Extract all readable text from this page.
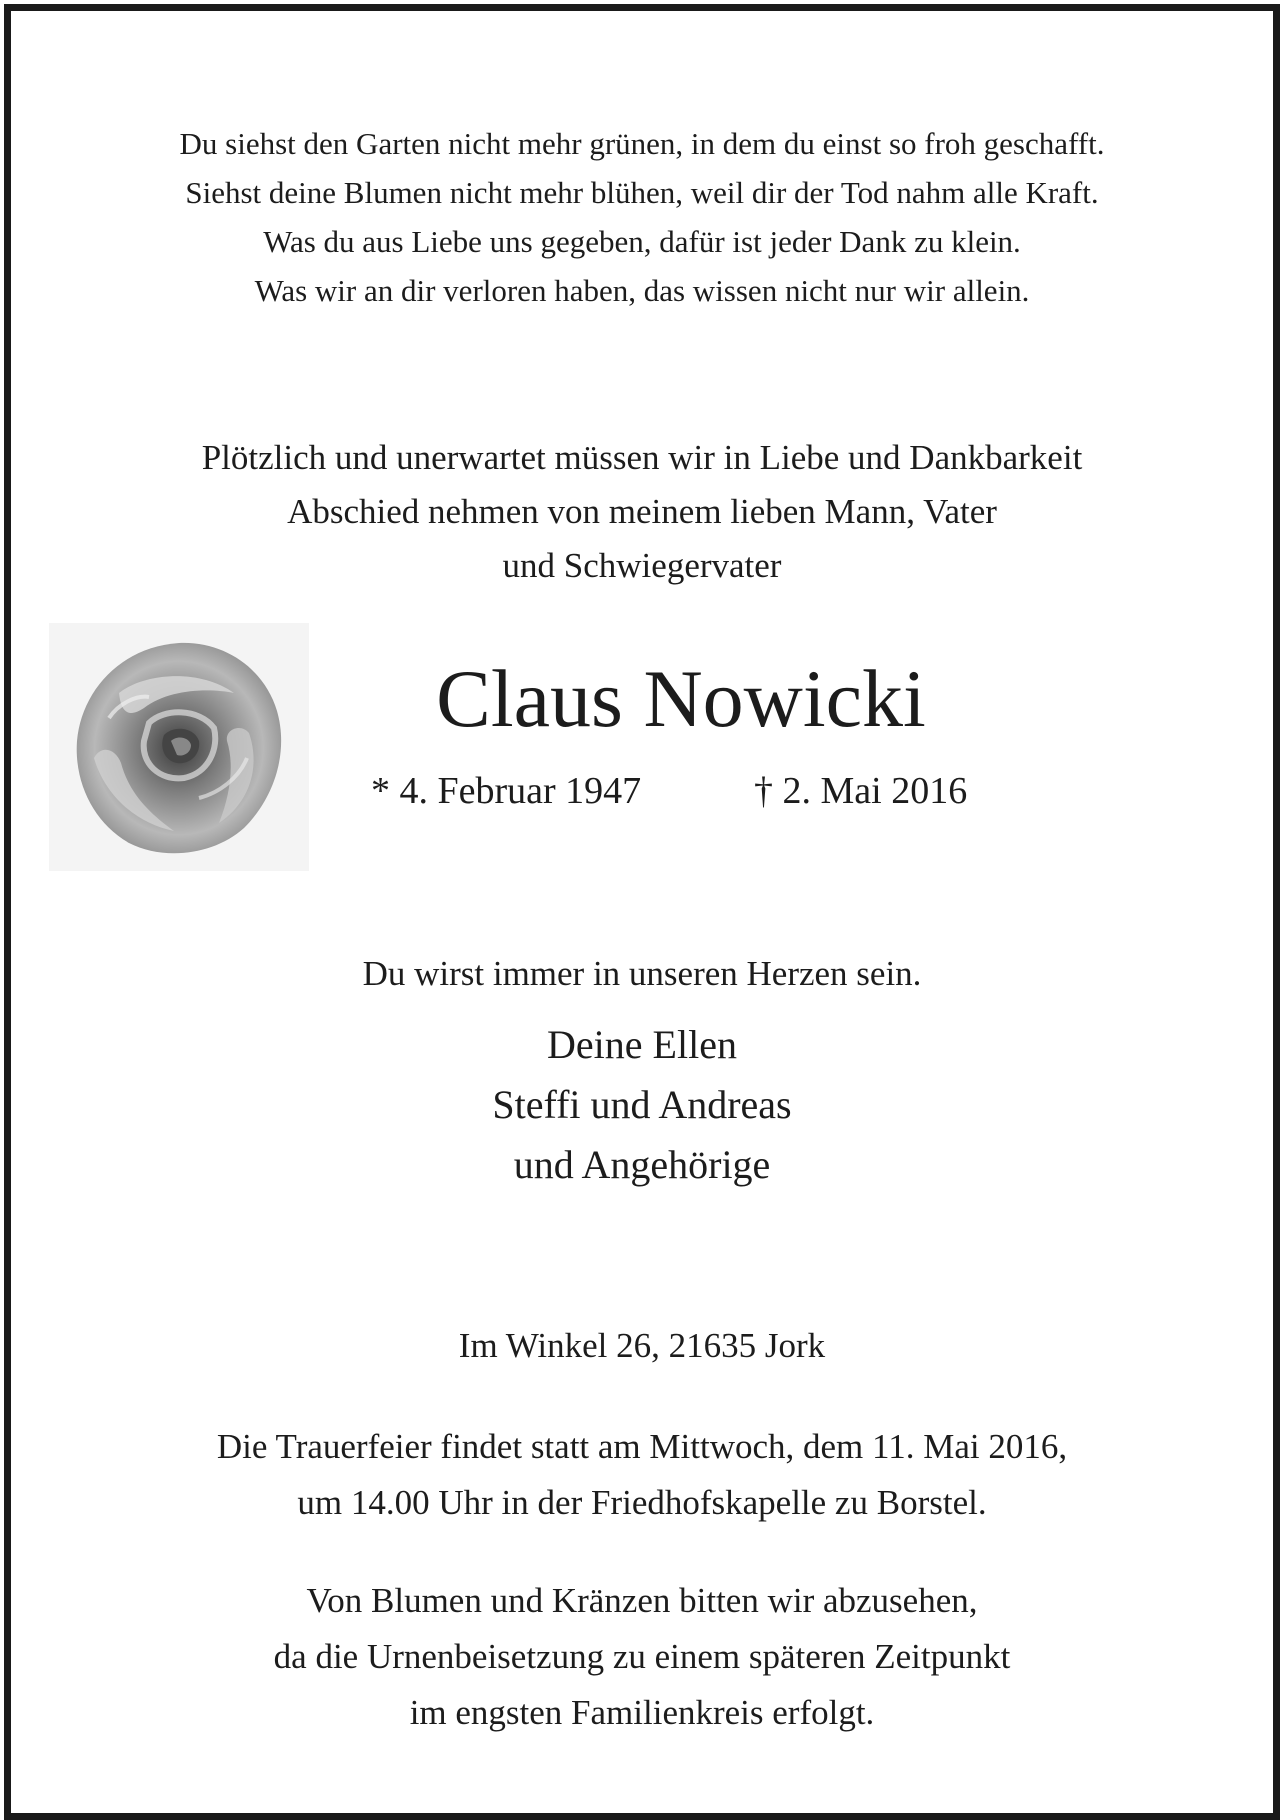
Du siehst den Garten nicht mehr grünen, in dem du einst so froh geschafft.
Siehst deine Blumen nicht mehr blühen, weil dir der Tod nahm alle Kraft.
Was du aus Liebe uns gegeben, dafür ist jeder Dank zu klein.
Was wir an dir verloren haben, das wissen nicht nur wir allein.
Plötzlich und unerwartet müssen wir in Liebe und Dankbarkeit
Abschied nehmen von meinem lieben Mann, Vater
und Schwiegervater
Claus Nowicki
* 4. Februar 1947	† 2. Mai 2016
Du wirst immer in unseren Herzen sein.
Deine Ellen
Steffi und Andreas
und Angehörige
Im Winkel 26, 21635 Jork
Die Trauerfeier findet statt am Mittwoch, dem 11. Mai 2016,
um 14.00 Uhr in der Friedhofskapelle zu Borstel.
Von Blumen und Kränzen bitten wir abzusehen,
da die Urnenbeisetzung zu einem späteren Zeitpunkt
im engsten Familienkreis erfolgt.
